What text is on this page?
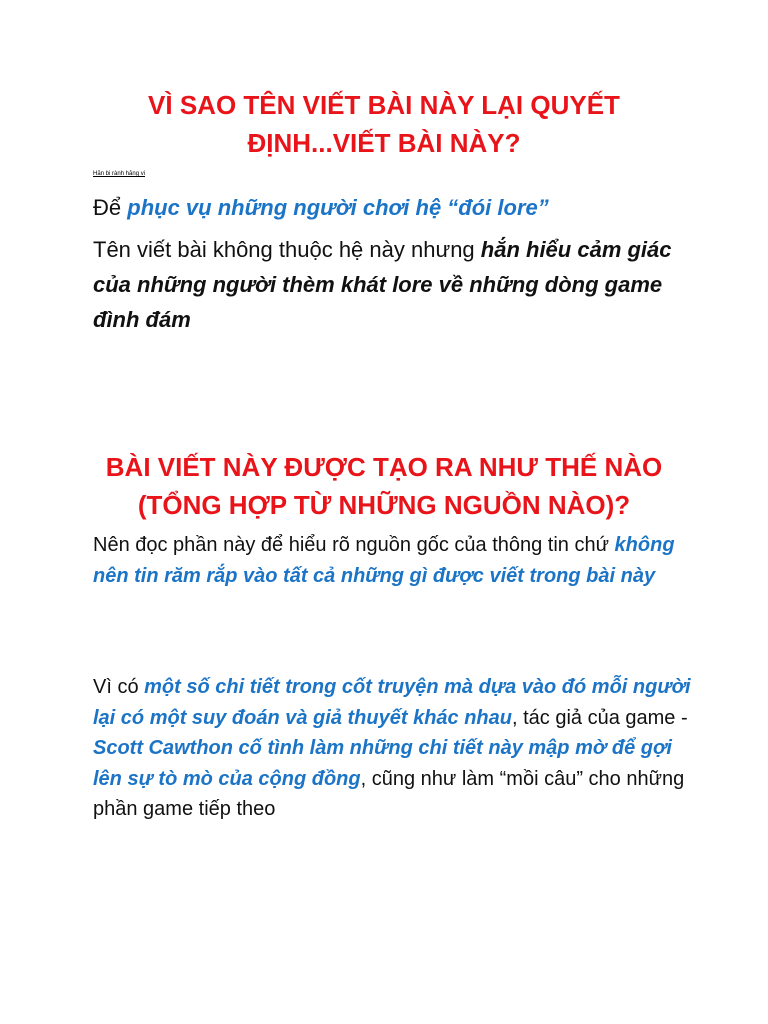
VÌ SAO TÊN VIẾT BÀI NÀY LẠI QUYẾT
ĐỊNH...VIẾT BÀI NÀY?
Hăn bi rành hăng vi

Để phục vụ những người chơi hệ “đói lore”

Tên viết bài không thuộc hệ này nhưng hắn hiểu cảm giác của những người thèm khát lore về những dòng game đình đám

BÀI VIẾT NÀY ĐƯỢC TẠO RA NHƯ THẾ NÀO
(TỔNG HỢP TỪ NHỮNG NGUỒN NÀO)?

Nên đọc phần này để hiểu rõ nguồn gốc của thông tin chứ không nên tin răm rắp vào tất cả những gì được viết trong bài này

Vì có một số chi tiết trong cốt truyện mà dựa vào đó mỗi người lại có một suy đoán và giả thuyết khác nhau, tác giả của game - Scott Cawthon cố tình làm những chi tiết này mập mờ để gợi lên sự tò mò của cộng đồng, cũng như làm “mồi câu” cho những phần game tiếp theo
